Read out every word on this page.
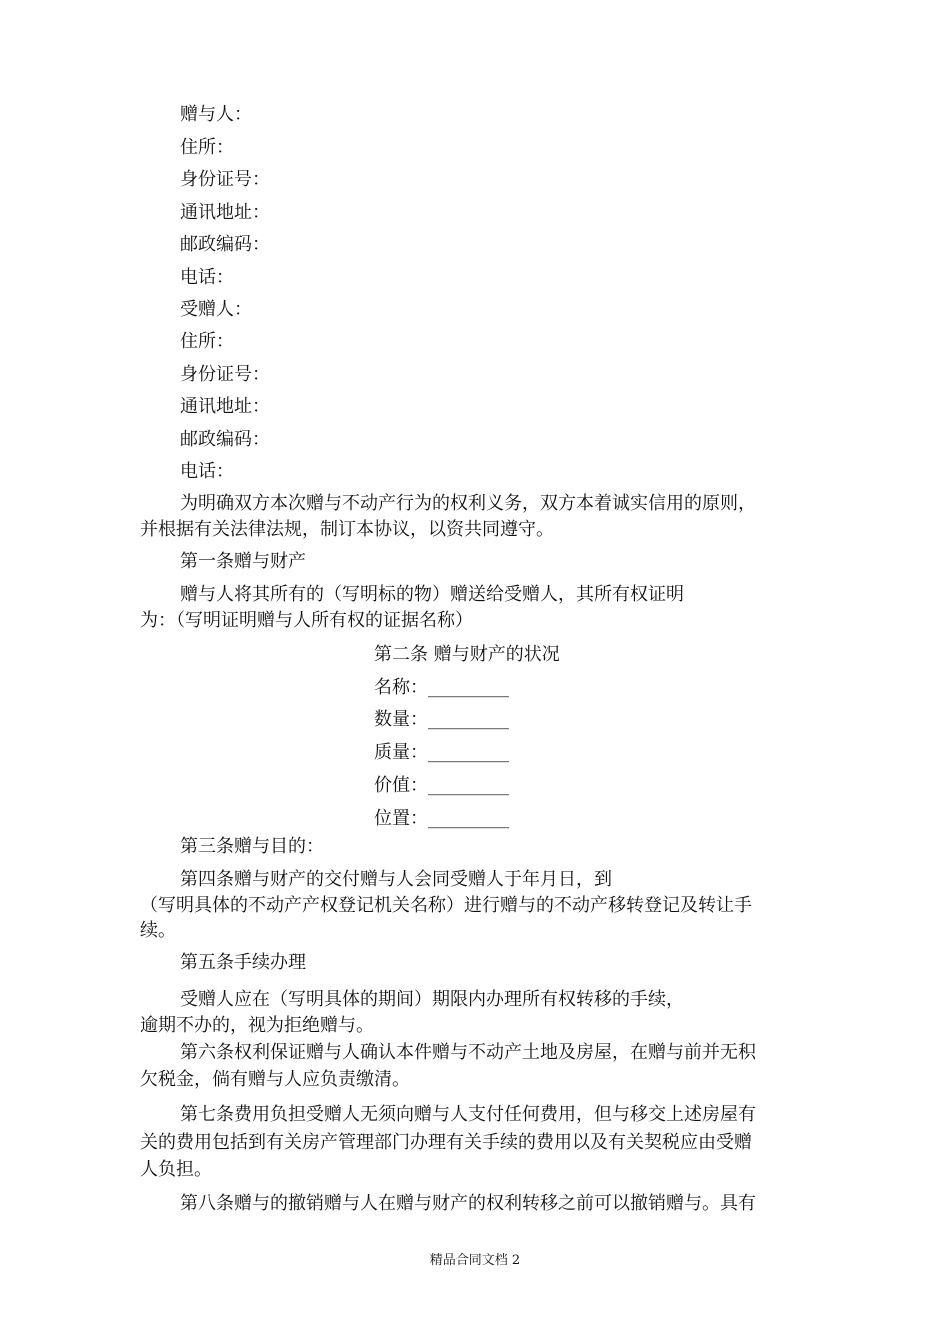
赠与人：
住所：
身份证号：
通讯地址：
邮政编码：
电话：
受赠人：
住所：
身份证号：
通讯地址：
邮政编码：
电话：
为明确双方本次赠与不动产行为的权利义务，双方本着诚实信用的原则，
并根据有关法律法规，制订本协议，以资共同遵守。
第一条赠与财产
赠与人将其所有的（写明标的物）赠送给受赠人，其所有权证明
为：（写明证明赠与人所有权的证据名称）
第二条 赠与财产的状况
名称：_________
数量：_________
质量：_________
价值：_________
位置：_________
第三条赠与目的：
第四条赠与财产的交付赠与人会同受赠人于年月日，到
（写明具体的不动产产权登记机关名称）进行赠与的不动产移转登记及转让手
续。
第五条手续办理
受赠人应在（写明具体的期间）期限内办理所有权转移的手续，
逾期不办的，视为拒绝赠与。
第六条权利保证赠与人确认本件赠与不动产土地及房屋，在赠与前并无积
欠税金，倘有赠与人应负责缴清。
第七条费用负担受赠人无须向赠与人支付任何费用，但与移交上述房屋有
关的费用包括到有关房产管理部门办理有关手续的费用以及有关契税应由受赠
人负担。
第八条赠与的撤销赠与人在赠与财产的权利转移之前可以撤销赠与。具有
精品合同文档 2
